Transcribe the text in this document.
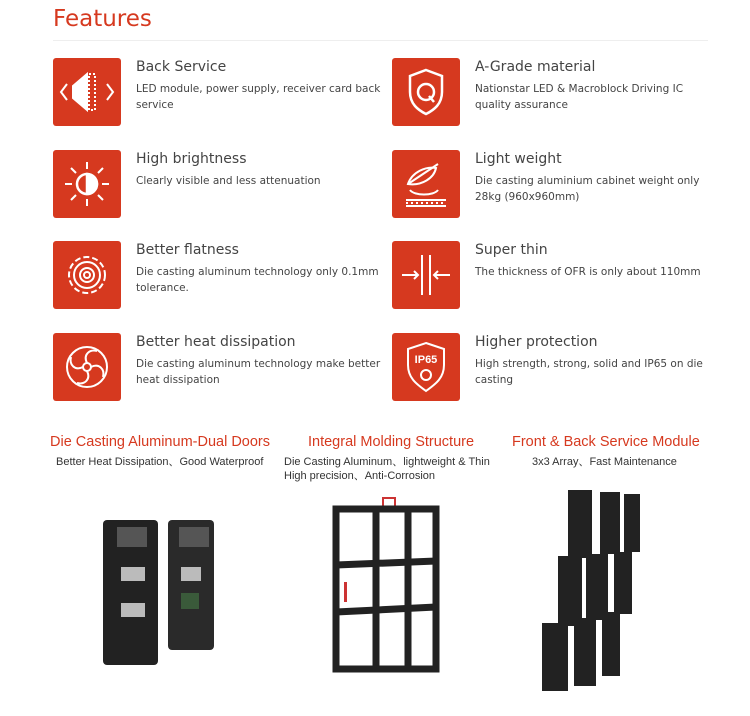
Features
Back Service
LED module, power supply, receiver card back service
A-Grade material
Nationstar LED & Macroblock Driving IC quality assurance
High brightness
Clearly visible and less attenuation
Light weight
Die casting aluminium cabinet weight only 28kg (960x960mm)
Better flatness
Die casting aluminum technology only 0.1mm tolerance.
Super thin
The thickness of OFR is only about 110mm
Better heat dissipation
Die casting aluminum technology make better heat dissipation
IP65
Higher protection
High strength, strong, solid and IP65 on die casting
Die Casting Aluminum-Dual Doors
Better Heat Dissipation、Good Waterproof
Integral Molding Structure
Die Casting Aluminum、lightweight & Thin High precision、Anti-Corrosion
Front & Back Service Module
3x3 Array、Fast Maintenance
